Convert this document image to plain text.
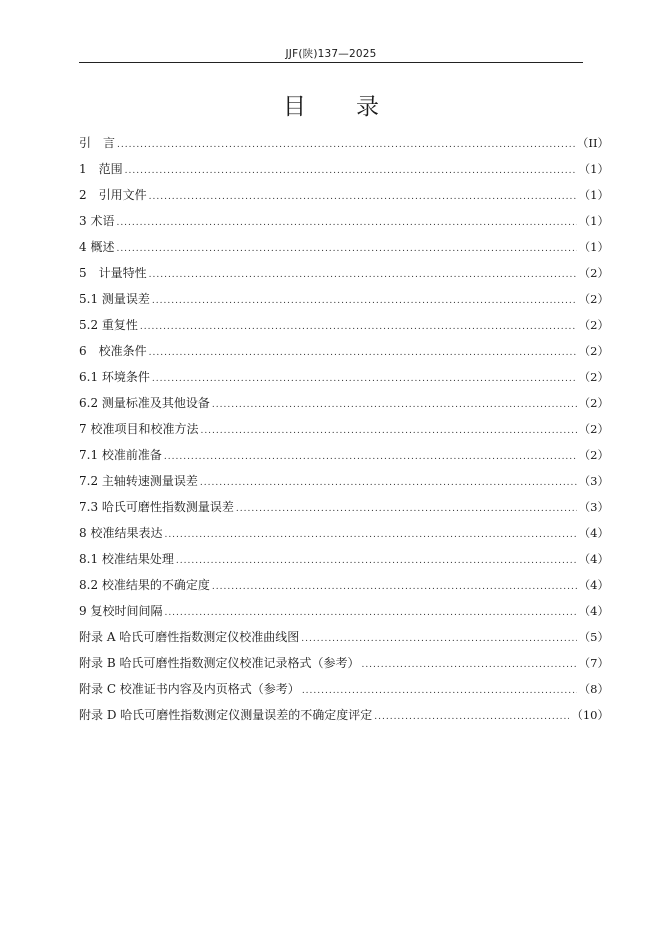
JJF(陕)137—2025
目录
引　言 .....	（II）
1　范围 .....	（1）
2　引用文件 .....	（1）
3 术语 .....	（1）
4 概述 .....	（1）
5　计量特性 .....	（2）
5.1 测量误差 .....	（2）
5.2 重复性 .....	（2）
6　校准条件 .....	（2）
6.1 环境条件 .....	（2）
6.2 测量标准及其他设备 .....	（2）
7 校准项目和校准方法 .....	（2）
7.1 校准前准备 .....	（2）
7.2 主轴转速测量误差 .....	（3）
7.3 哈氏可磨性指数测量误差 .....	（3）
8 校准结果表达 .....	（4）
8.1 校准结果处理 .....	（4）
8.2 校准结果的不确定度 .....	（4）
9 复校时间间隔 .....	（4）
附录 A 哈氏可磨性指数测定仪校准曲线图 .....	（5）
附录 B 哈氏可磨性指数测定仪校准记录格式（参考） .....	（7）
附录 C 校准证书内容及内页格式（参考） .....	（8）
附录 D 哈氏可磨性指数测定仪测量误差的不确定度评定 .....	（10）
